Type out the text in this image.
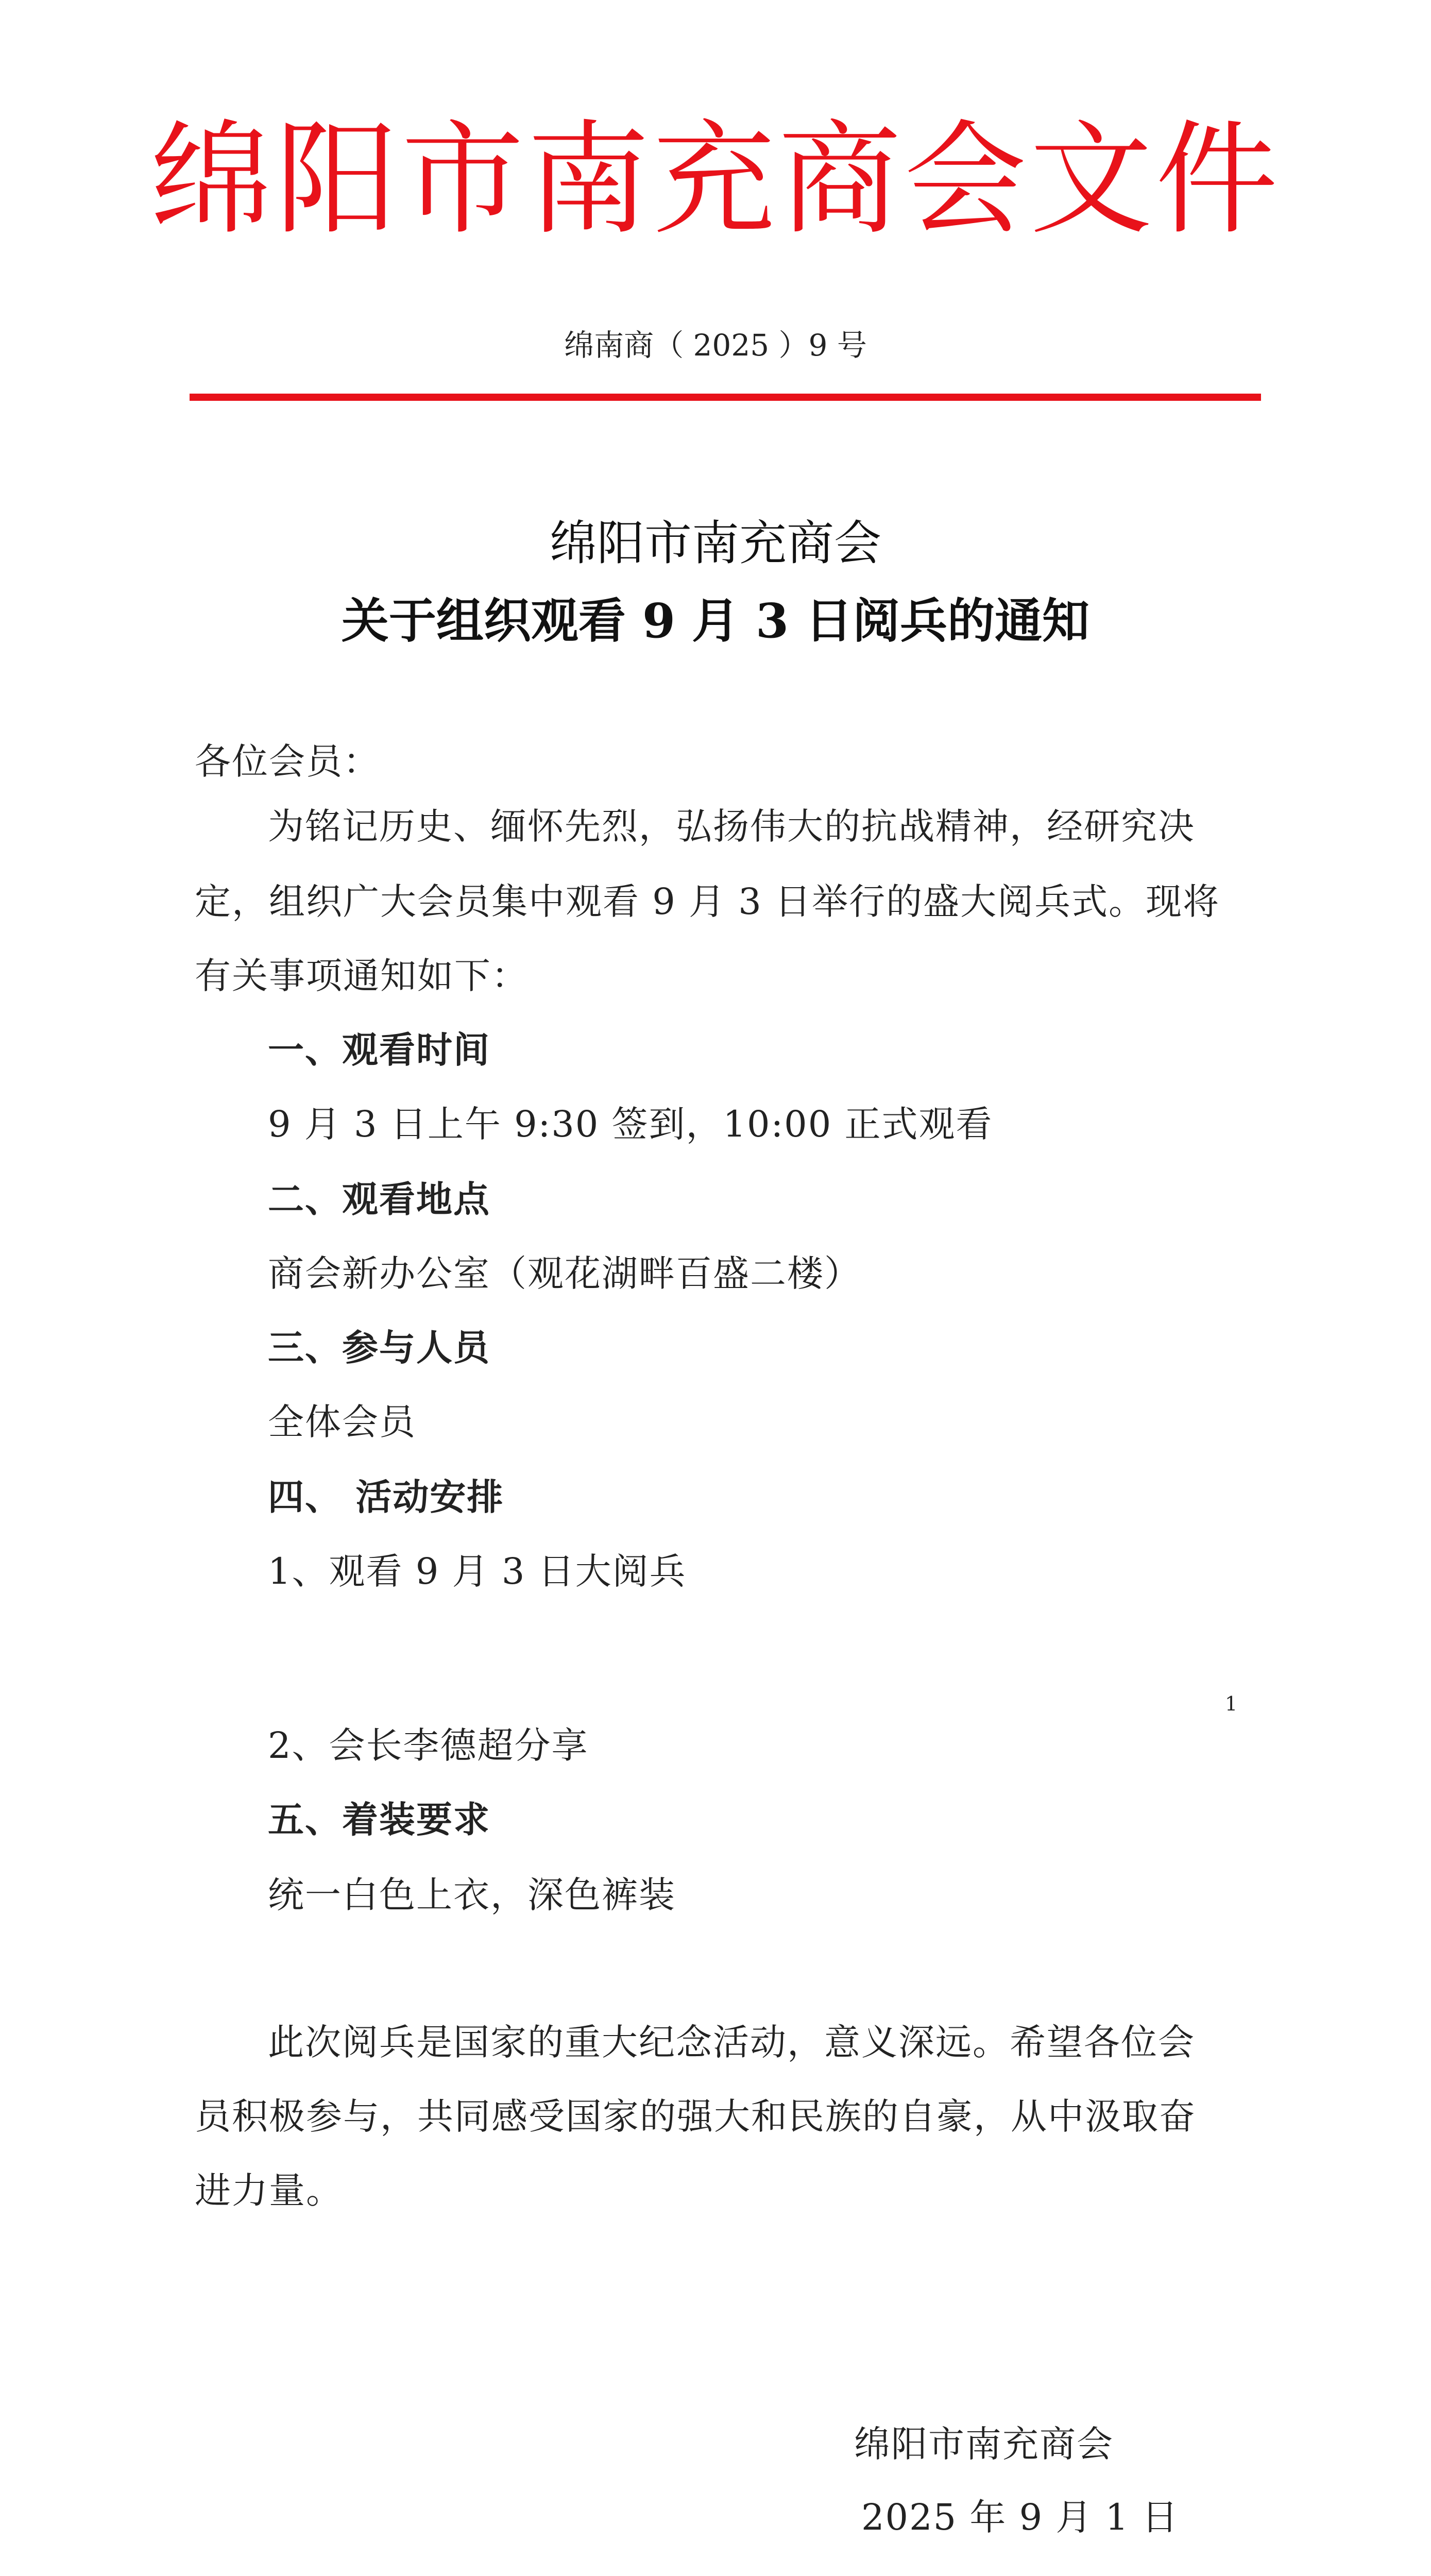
绵阳市南充商会文件
绵南商（ 2025 ）9 号
绵阳市南充商会
关于组织观看 9 月 3 日阅兵的通知
各位会员：
为铭记历史、缅怀先烈，弘扬伟大的抗战精神，经研究决
定，组织广大会员集中观看 9 月 3 日举行的盛大阅兵式。现将
有关事项通知如下：
一、观看时间
9 月 3 日上午 9:30 签到，10:00 正式观看
二、观看地点
商会新办公室（观花湖畔百盛二楼）
三、参与人员
全体会员
四、 活动安排
1、观看 9 月 3 日大阅兵
1
2、会长李德超分享
五、着装要求
统一白色上衣，深色裤装
此次阅兵是国家的重大纪念活动，意义深远。希望各位会
员积极参与，共同感受国家的强大和民族的自豪，从中汲取奋
进力量。
绵阳市南充商会
2025 年 9 月 1 日
